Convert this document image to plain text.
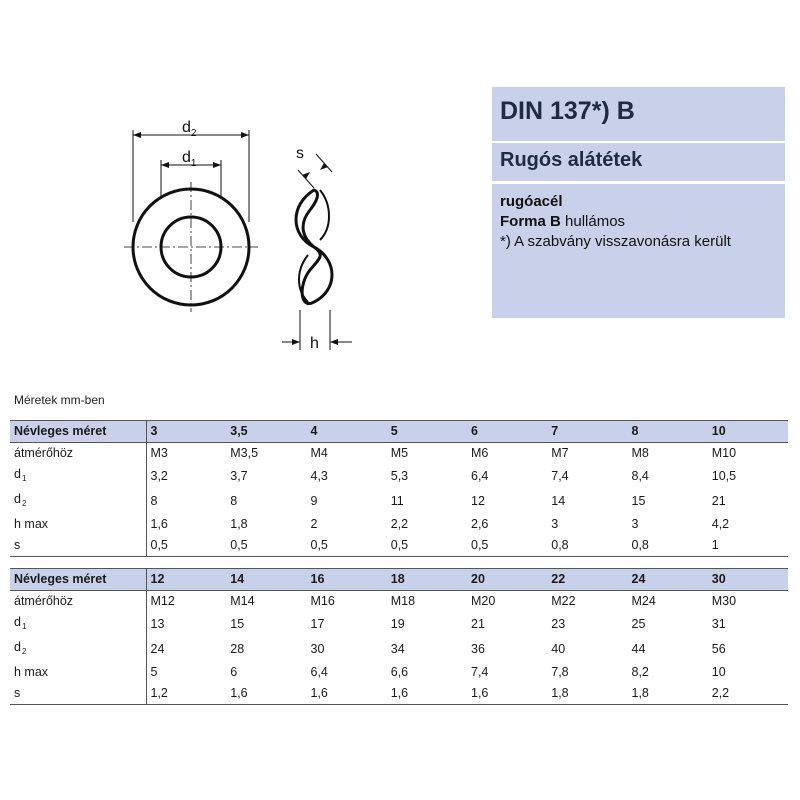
$d_2$
$d_1$
s
h
DIN 137*) B
Rugós alátétek
rugóacél
Forma B hullámos
*) A szabvány visszavonásra került
Méretek mm-ben
Névleges méret	3	3,5	4	5	6	7	8	10
átmérőhöz	M3	M3,5	M4	M5	M6	M7	M8	M10
$d_1$	3,2	3,7	4,3	5,3	6,4	7,4	8,4	10,5
$d_2$	8	8	9	11	12	14	15	21
h max	1,6	1,8	2	2,2	2,6	3	3	4,2
s	0,5	0,5	0,5	0,5	0,5	0,8	0,8	1
Névleges méret	12	14	16	18	20	22	24	30
átmérőhöz	M12	M14	M16	M18	M20	M22	M24	M30
$d_1$	13	15	17	19	21	23	25	31
$d_2$	24	28	30	34	36	40	44	56
h max	5	6	6,4	6,6	7,4	7,8	8,2	10
s	1,2	1,6	1,6	1,6	1,6	1,8	1,8	2,2
